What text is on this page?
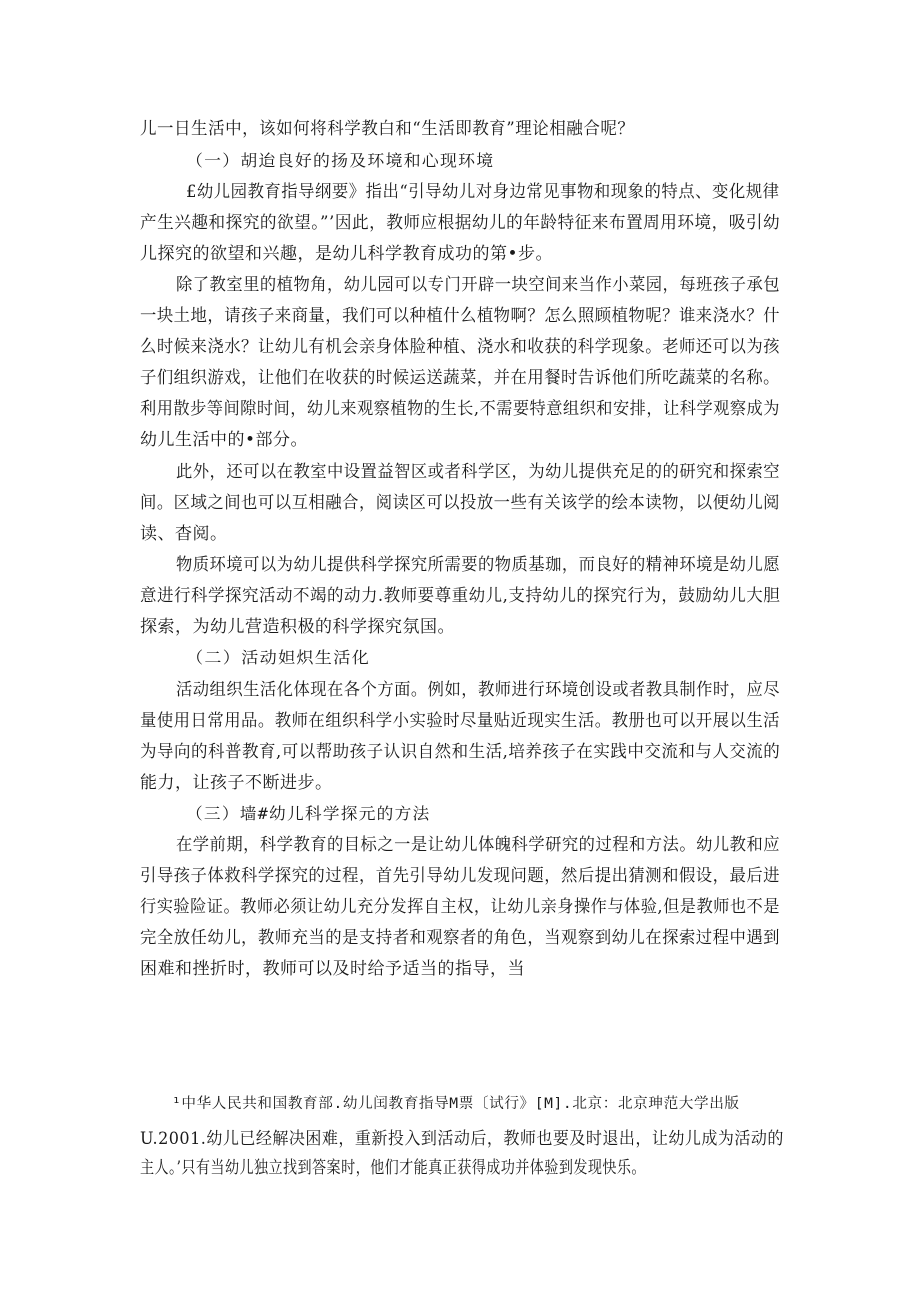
儿一日生活中，该如何将科学教白和“生活即教育”理论相融合呢？
（一）胡迨良好的扬及环境和心现环境
£幼儿园教育指导纲要》指出“引导幼儿对身边常见事物和现象的特点、变化规律
产生兴趣和探究的欲望。”’因此，教师应根据幼儿的年龄特征来布置周用环境，吸引幼
儿探究的欲望和兴趣，是幼儿科学教育成功的第•步。
除了教室里的植物角，幼儿园可以专门开辟一块空间来当作小菜园，每班孩子承包
一块土地，请孩子来商量，我们可以种植什么植物啊？怎么照顾植物呢？谁来浇水？什
么时候来浇水？让幼儿有机会亲身体脸种植、浇水和收获的科学现象。老师还可以为孩
子们组织游戏，让他们在收获的时候运送蔬菜，并在用餐时告诉他们所吃蔬菜的名称。
利用散步等间隙时间，幼儿来观察植物的生长,不需要特意组织和安排，让科学观察成为
幼儿生活中的•部分。
此外，还可以在教室中设置益智区或者科学区，为幼儿提供充足的的研究和探索空
间。区域之间也可以互相融合，阅读区可以投放一些有关该学的绘本读物，以便幼儿阅
读、杳阅。
物质环境可以为幼儿提供科学探究所需要的物质基珈，而良好的精神环境是幼儿愿
意进行科学探究活动不竭的动力.教师要尊重幼儿,支持幼儿的探究行为，鼓励幼儿大胆
探索，为幼儿营造积极的科学探究氛国。
（二）活动妲炽生活化
活动组织生活化体现在各个方面。例如，教师进行环境创设或者教具制作时，应尽
量使用日常用品。教师在组织科学小实验时尽量贴近现实生活。教册也可以开展以生活
为导向的科普教育,可以帮助孩子认识自然和生活,培养孩子在实践中交流和与人交流的
能力，让孩子不断进步。
（三）墙#幼儿科学探元的方法
在学前期，科学教育的目标之一是让幼儿体魄科学研究的过程和方法。幼儿教和应
引导孩子体救科学探究的过程，首先引导幼儿发现问题，然后提出猜测和假设，最后进
行实验险证。教师必须让幼儿充分发挥自主权，让幼儿亲身操作与体验,但是教师也不是
完全放任幼儿，教师充当的是支持者和观察者的角色，当观察到幼儿在探索过程中遇到
困难和挫折时，教师可以及时给予适当的指导，当
¹中华人民共和国教育部.幼儿闰教育指导M票〔试行》[M].北京：北京珅范大学出版
U.2001.幼儿已经解决困难，重新投入到活动后，教师也要及时退出，让幼儿成为活动的
主人。’只有当幼儿独立找到答案时，他们才能真正获得成功并体验到发现快乐。
